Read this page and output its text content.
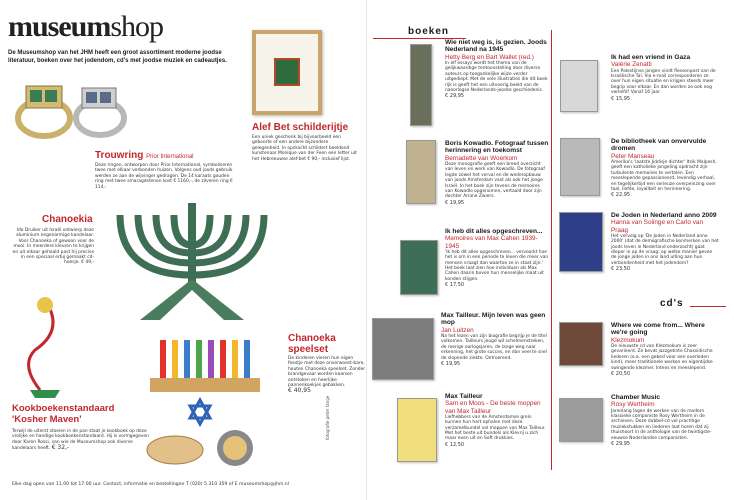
museumshop
De Museumshop van het JHM heeft een groot assortiment moderne joodse literatuur, boeken over het jodendom, cd's met joodse muziek en cadeautjes.
Trouwring Prior International
Deze ringen, ontworpen door Prior International, symboliseren twee met elkaar verbonden huizen. Volgens oud joods gebruik werden ze aan de wijvinger gedragen. De 14 karaats gouden ring met twee smaragdstenen kost € 1160,-, de zilveren ring € 114,-
Alef Bet schilderijtje
Een uniek geschenk bij bijvoorbeeld een geboorte of een andere bijzondere gelegenheid. In opdracht schildert beeldend kunstenaar Monique van der Feen een letter uit het Hebreeuwse alef-bet € 90,- inclusief lijst.
Chanoekia
Ido Druiker uit Israël ontwierp deze aluminium negenarmige kandelaar. Voor Chanoeka of gewoon voor de mooi. In meerdere kleuren te krijgen en uit elkaar gehaald past hij precies in een speciaal erbij gemaakt cd-hoesje. € 49,-
Chanoeka speelset
De kinderen vieren hun eigen feestje met deze onverwoest-bare, houten Chanoeka speelset. Zonder brandgevaar worden kaarsen ontstoken en heerlijke pannenkoekjes gebakken.
€ 40,95
Kookboekenstandaard 'Kosher Maven'
Terwijl de uiterst stoeien in de pan staat je kookboek op deze vrolijke en handige kookboekenstandaard. Hij is vormgegeven door Karen Rossi, van wie de Museumshop ook diverse kandelaars heeft. € 32,-
fotografie peter tange
Elke dag open van 11.00 tot 17.00 uur. Contact, informatie en bestellingen T (020) 5 310 359 of E museumshop@jhm.nl
boeken
Wie niet weg is, is gezien. Joods Nederland na 1945
Hetty Berg en Bart Wallet (red.)
In elf essays wordt het thema van de gelijkwaardige tentoonstelling door diverse auteurs op toegankelijke wijze verder uitgediept. Met de vele illustraties die dit boek rijk is geeft het een uitvoerig beeld van de naoorlogse Nederlands-joodse geschiedenis.
€ 29,95
Boris Kowadlo. Fotograaf tussen herinnering en toekomst
Bernadette van Woerkom
Deze monografie geeft een breed overzicht van leven en werk van Kowadlo. De fotograaf legde zowel het verval en de wederopbouw van joods Amsterdam vast als ook het jonge Israël. In het boek zijn tevens de memoires van Kowadlo opgenomen, vertaald door zijn dochter Ariane Zwiers.
€ 19,95
Ik heb dit alles opgeschreven...
Memoires van Max Cahen 1939-1945
'Ik heb dit alles opgeschreven... vervoorkt hoe het is om in een periode te leven die meer van mensen vraagt dan waartoe ze in staat zijn.' Het boek laat zien hoe individuen als Max Cahen daarin boven hun menselijke maat uit konden stijgen.
€ 17,50
Max Tailleur. Mijn leven was geen mop
Jan Luitzen
Na het lezen van zijn biografie begrijp je de titel volkomen. Tailleurs jeugd wil schelmenstreken, de roerige oorlogsjaren, de lange weg naar erkenning, het grote succes, en dan veel te snel de slopende ziekte. Ontroerend.
€ 19,95
Max Tailleur
Sam en Moos - De beste moppen van Max Tailleur
Liefhebbers van de Amsterdamse grein kunnen hun hart ophalen met deze verzamelbundel vol moppen van Max Tailleur. Met het beste uit bundels als Klevrij u zich maar even uit en Soft drukkies.
€ 12,50
Ik had een vriend in Gaza
Valérie Zenatti
Een Palestijnse jongen vindt flessenpost van de Israëlische Tal. Via e-mail corresponderen ze over hun eigen situatie en krijgen steeds meer begrip voor elkaar. En dan worden ze ook nog verliefd! Vanaf 16 jaar.
€ 15,95
De bibliotheek van onvervulde dromen
Peter Manseau
Amerika's 'laatste Jiddisje dichter' Itsik Malpesh, geeft een katholieke jongeling opdracht zijn turbulente memoires te vertalen. Een meeslepende gepassioneerd, levendig verhaal, en tegelijkertijd een serieuze overpeinzing over taal, liefde, loyaliteit en herinnering.
€ 22,95
De Joden in Nederland anno 2009
Hanna van Solinge en Carlo van Praag
Het vervolg op 'De Joden in Nederland anno 2000' (dat de demografische kenmerken van het joods leven in Nederland onderzocht) gaat dieper in op de vraag: op welke manier geven de jonge joden in ons land uiting aan hun verbondenheid met het jodendom?
€ 23,50
cd's
Where we come from... Where we're going
Klezmokum
De nieuwste cd van Klezmokum is zeer gevarieerd. Ze bevat jazzgetinte Chassidische liederen (o.a. een gebed voor een overleden kind), meer traditionele werken en eigentijdse swingende klezmer. Intens en meeslepend.
€ 20,50
Chamber Music
Rosy Wertheim
Jarenlang lagen de werken van de modern klassieke componiste Rosy Wertheim in de archieven. Deze dubbel-cd vol prachtige muziekstukken en liederen laat horen dat zij thuishoort in de anthologie van de twintigste-eeuwse Nederlandse componisten.
€ 29,95
